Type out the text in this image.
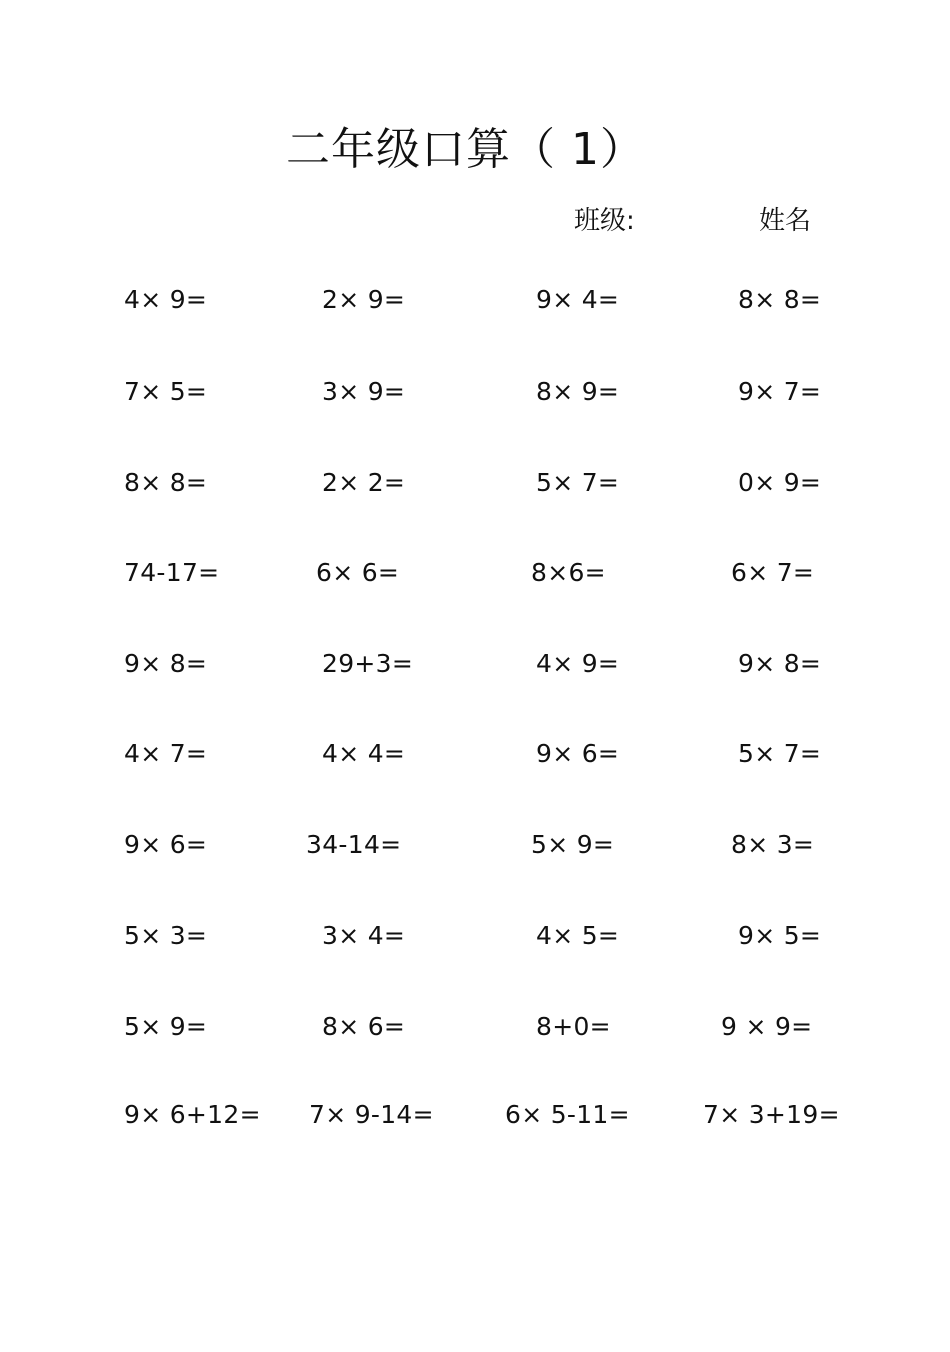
二年级口算（ 1）
班级:	姓名
4× 9=	2× 9=	9× 4=	8× 8=
7× 5=	3× 9=	8× 9=	9× 7=
8× 8=	2× 2=	5× 7=	0× 9=
74-17=	6× 6=	8×6=	6× 7=
9× 8=	29+3=	4× 9=	9× 8=
4× 7=	4× 4=	9× 6=	5× 7=
9× 6=	34-14=	5× 9=	8× 3=
5× 3=	3× 4=	4× 5=	9× 5=
5× 9=	8× 6=	8+0=	9 × 9=
9× 6+12= 7× 9-14=	6× 5-11=	7× 3+19=
